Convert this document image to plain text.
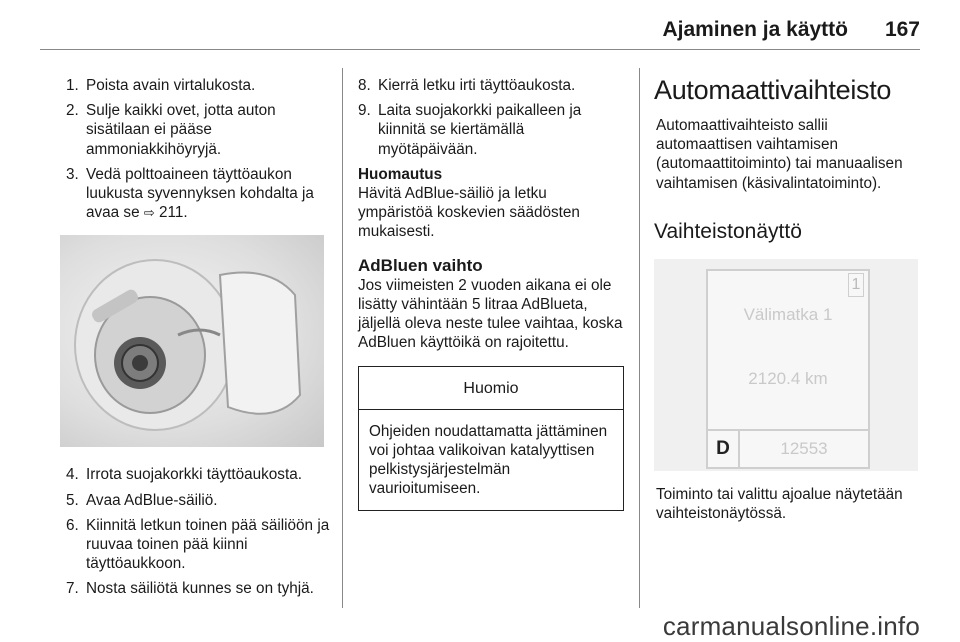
Ajaminen ja käyttö 167
1. Poista avain virtalukosta.
2. Sulje kaikki ovet, jotta auton sisätilaan ei pääse ammoniakkihöyryjä.
3. Vedä polttoaineen täyttöaukon luukusta syvennyksen kohdalta ja avaa se ⇨ 211.
4. Irrota suojakorkki täyttöaukosta.
5. Avaa AdBlue-säiliö.
6. Kiinnitä letkun toinen pää säiliöön ja ruuvaa toinen pää kiinni täyttöaukkoon.
7. Nosta säiliötä kunnes se on tyhjä.
8. Kierrä letku irti täyttöaukosta.
9. Laita suojakorkki paikalleen ja kiinnitä se kiertämällä myötäpäivään.
Huomautus
Hävitä AdBlue-säiliö ja letku ympäristöä koskevien säädösten mukaisesti.
AdBluen vaihto
Jos viimeisten 2 vuoden aikana ei ole lisätty vähintään 5 litraa AdBlueta, jäljellä oleva neste tulee vaihtaa, koska AdBluen käyttöikä on rajoitettu.
Huomio
Ohjeiden noudattamatta jättäminen voi johtaa valikoivan katalyyttisen pelkistysjärjestelmän vaurioitumiseen.
Automaattivaihteisto
Automaattivaihteisto sallii automaattisen vaihtamisen (automaattitoiminto) tai manuaalisen vaihtamisen (käsivalintatoiminto).
Vaihteistonäyttö
1
Välimatka 1
2120.4 km
D	12553
Toiminto tai valittu ajoalue näytetään vaihteistonäytössä.
carmanualsonline.info
